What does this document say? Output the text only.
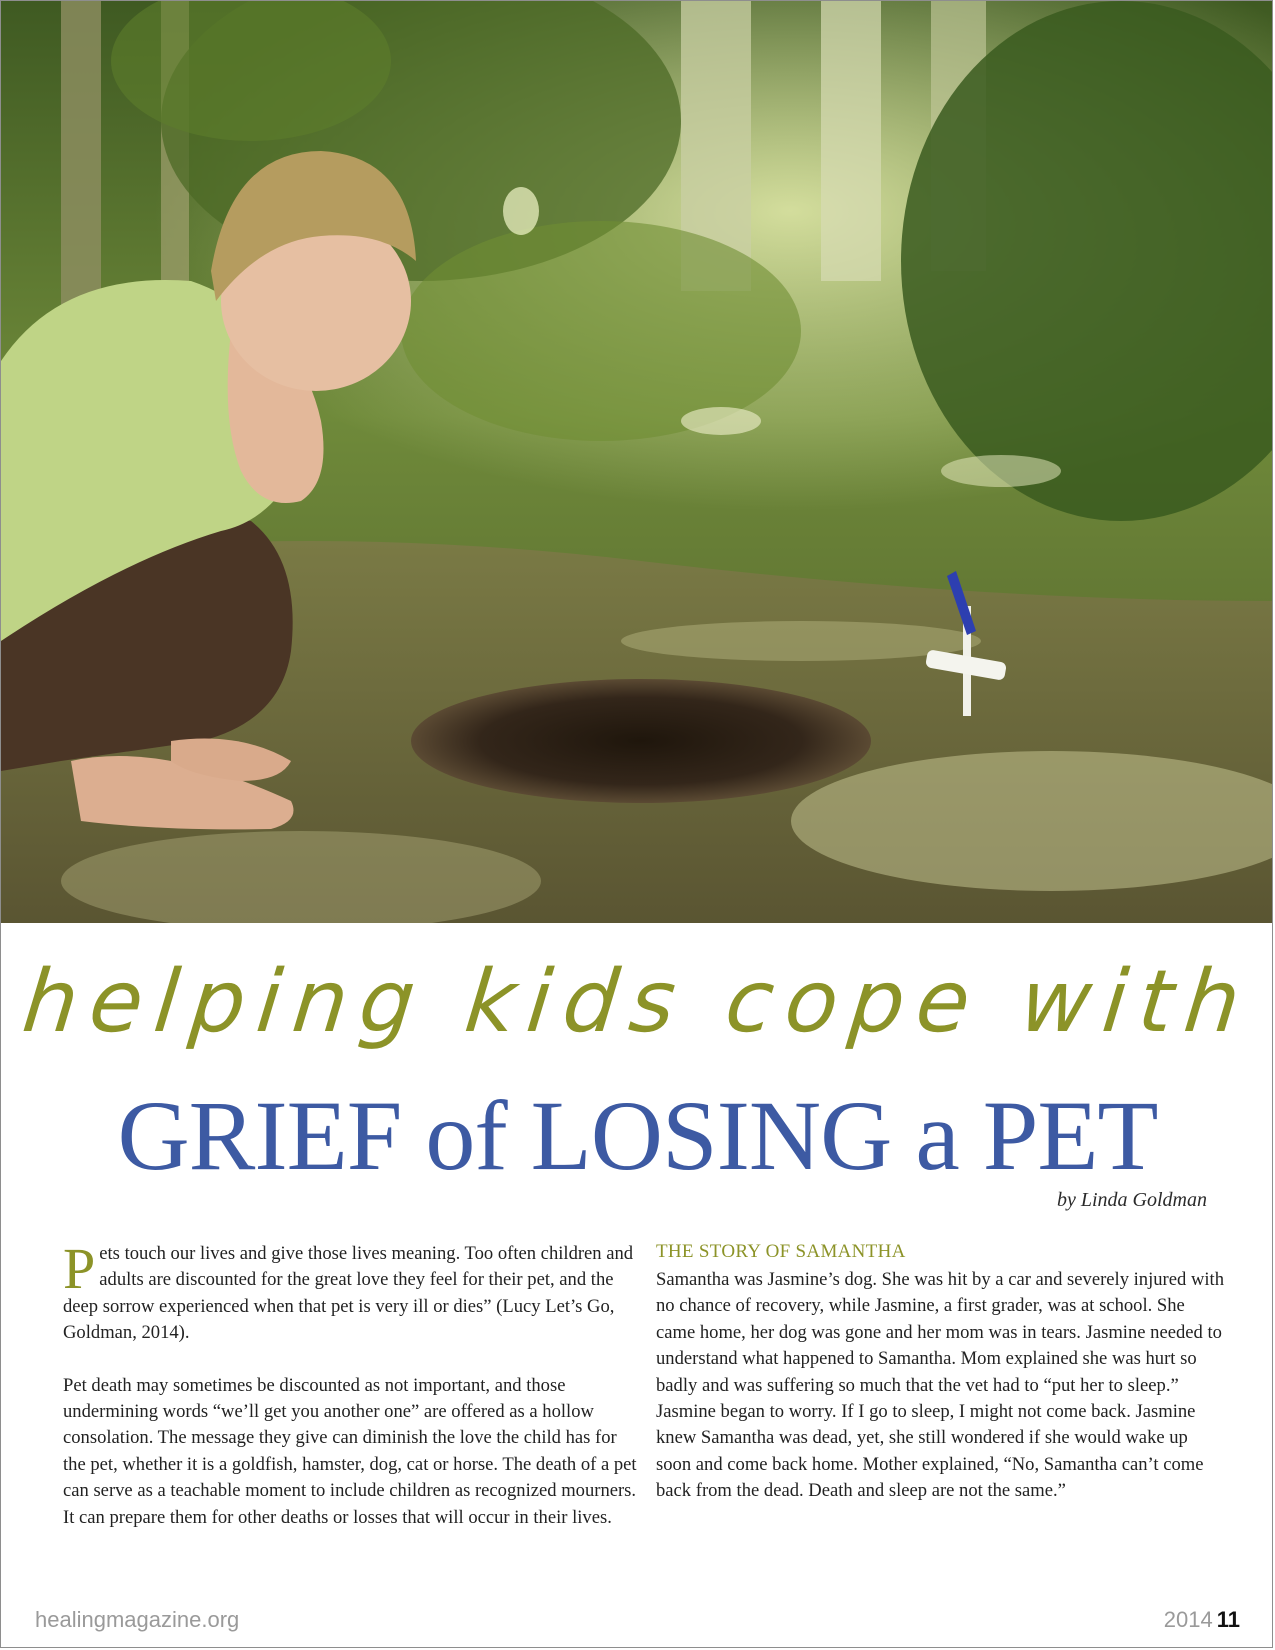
helping kids cope with
GRIEF of LOSING a PET
by Linda Goldman

Pets touch our lives and give those lives meaning. Too often children and adults are discounted for the great love they feel for their pet, and the deep sorrow experienced when that pet is very ill or dies” (Lucy Let’s Go, Goldman, 2014).

Pet death may sometimes be discounted as not important, and those undermining words “we’ll get you another one” are offered as a hollow consolation. The message they give can diminish the love the child has for the pet, whether it is a goldfish, hamster, dog, cat or horse. The death of a pet can serve as a teachable moment to include children as recognized mourners. It can prepare them for other deaths or losses that will occur in their lives.

THE STORY OF SAMANTHA

Samantha was Jasmine’s dog. She was hit by a car and severely injured with no chance of recovery, while Jasmine, a first grader, was at school. She came home, her dog was gone and her mom was in tears. Jasmine needed to understand what happened to Samantha. Mom explained she was hurt so badly and was suffering so much that the vet had to “put her to sleep.” Jasmine began to worry. If I go to sleep, I might not come back. Jasmine knew Samantha was dead, yet, she still wondered if she would wake up soon and come back home. Mother explained, “No, Samantha can’t come back from the dead. Death and sleep are not the same.”

healingmagazine.org	2014 11
